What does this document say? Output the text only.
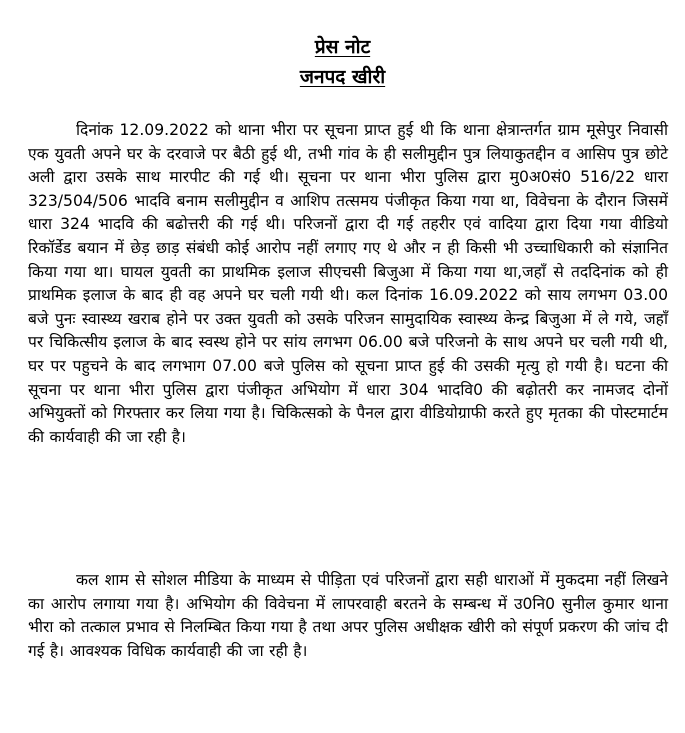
प्रेस नोट
जनपद खीरी

दिनांक 12.09.2022 को थाना भीरा पर सूचना प्राप्त हुई थी कि थाना क्षेत्रान्तर्गत ग्राम मूसेपुर निवासी एक युवती अपने घर के दरवाजे पर बैठी हुई थी, तभी गांव के ही सलीमुद्दीन पुत्र लियाकुतद्दीन व आसिप पुत्र छोटे अली द्वारा उसके साथ मारपीट की गई थी। सूचना पर थाना भीरा पुलिस द्वारा मु0अ0सं0 516/22 धारा 323/504/506 भादवि बनाम सलीमुद्दीन व आशिप तत्समय पंजीकृत किया गया था, विवेचना के दौरान जिसमें धारा 324 भादवि की बढोत्तरी की गई थी। परिजनों द्वारा दी गई तहरीर एवं वादिया द्वारा दिया गया वीडियो रिकॉर्डेड बयान में छेड़ छाड़ संबंधी कोई आरोप नहीं लगाए गए थे और न ही किसी भी उच्चाधिकारी को संज्ञानित किया गया था। घायल युवती का प्राथमिक इलाज सीएचसी बिजुआ में किया गया था,जहाँ से तददिनांक को ही प्राथमिक इलाज के बाद ही वह अपने घर चली गयी थी। कल दिनांक 16.09.2022 को साय लगभग 03.00 बजे पुनः स्वास्थ्य खराब होने पर उक्त युवती को उसके परिजन सामुदायिक स्वास्थ्य केन्द्र बिजुआ में ले गये, जहाँ पर चिकित्सीय इलाज के बाद स्वस्थ होने पर सांय लगभग 06.00 बजे परिजनो के साथ अपने घर चली गयी थी, घर पर पहुचने के बाद लगभाग 07.00 बजे पुलिस को सूचना प्राप्त हुई की उसकी मृत्यु हो गयी है। घटना की सूचना पर थाना भीरा पुलिस द्वारा पंजीकृत अभियोग में धारा 304 भादवि0 की बढ़ोतरी कर नामजद दोनों अभियुक्तों को गिरफ्तार कर लिया गया है। चिकित्सको के पैनल द्वारा वीडियोग्राफी करते हुए मृतका की पोस्टमार्टम की कार्यवाही की जा रही है।

कल शाम से सोशल मीडिया के माध्यम से पीड़िता एवं परिजनों द्वारा सही धाराओं में मुकदमा नहीं लिखने का आरोप लगाया गया है। अभियोग की विवेचना में लापरवाही बरतने के सम्बन्ध में उ0नि0 सुनील कुमार थाना भीरा को तत्काल प्रभाव से निलम्बित किया गया है तथा अपर पुलिस अधीक्षक खीरी को संपूर्ण प्रकरण की जांच दी गई है। आवश्यक विधिक कार्यवाही की जा रही है।
